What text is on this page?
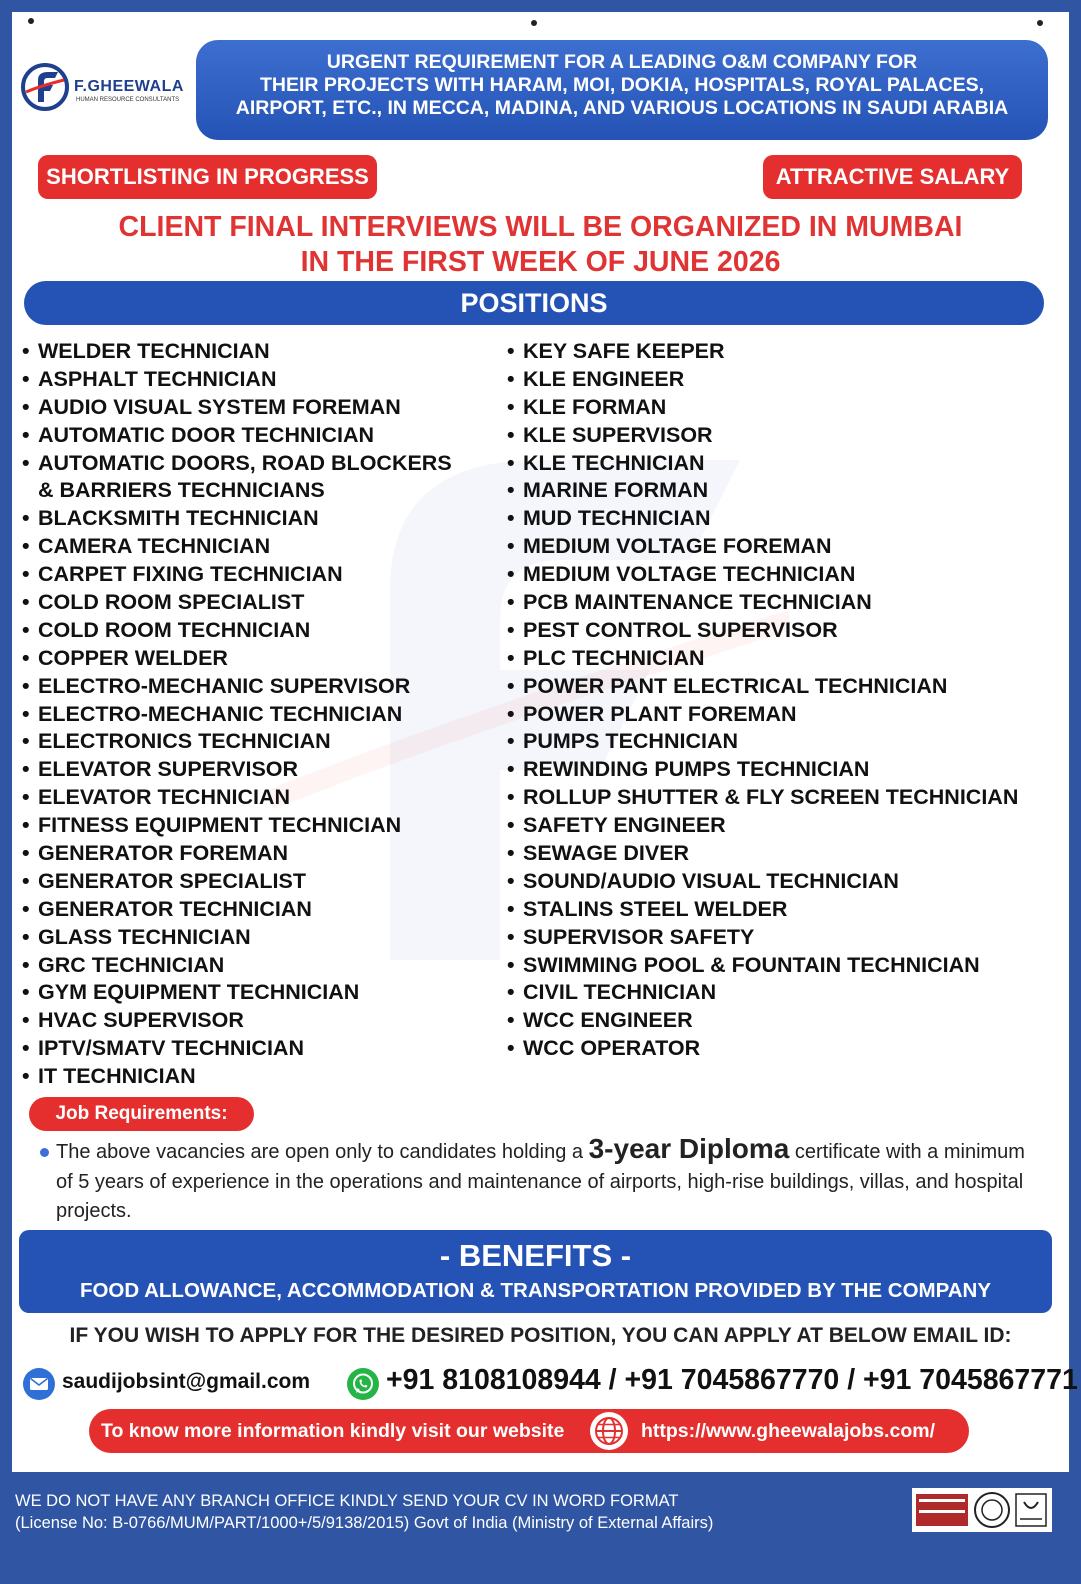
F.GHEEWALA
HUMAN RESOURCE CONSULTANTS
URGENT REQUIREMENT FOR A LEADING O&M COMPANY FOR
THEIR PROJECTS WITH HARAM, MOI, DOKIA, HOSPITALS, ROYAL PALACES,
AIRPORT, ETC., IN MECCA, MADINA, AND VARIOUS LOCATIONS IN SAUDI ARABIA
SHORTLISTING IN PROGRESS	ATTRACTIVE SALARY
CLIENT FINAL INTERVIEWS WILL BE ORGANIZED IN MUMBAI
IN THE FIRST WEEK OF JUNE 2026
POSITIONS
• WELDER TECHNICIAN
• ASPHALT TECHNICIAN
• AUDIO VISUAL SYSTEM FOREMAN
• AUTOMATIC DOOR TECHNICIAN
• AUTOMATIC DOORS, ROAD BLOCKERS
& BARRIERS TECHNICIANS
• BLACKSMITH TECHNICIAN
• CAMERA TECHNICIAN
• CARPET FIXING TECHNICIAN
• COLD ROOM SPECIALIST
• COLD ROOM TECHNICIAN
• COPPER WELDER
• ELECTRO-MECHANIC SUPERVISOR
• ELECTRO-MECHANIC TECHNICIAN
• ELECTRONICS TECHNICIAN
• ELEVATOR SUPERVISOR
• ELEVATOR TECHNICIAN
• FITNESS EQUIPMENT TECHNICIAN
• GENERATOR FOREMAN
• GENERATOR SPECIALIST
• GENERATOR TECHNICIAN
• GLASS TECHNICIAN
• GRC TECHNICIAN
• GYM EQUIPMENT TECHNICIAN
• HVAC SUPERVISOR
• IPTV/SMATV TECHNICIAN
• IT TECHNICIAN
• KEY SAFE KEEPER
• KLE ENGINEER
• KLE FORMAN
• KLE SUPERVISOR
• KLE TECHNICIAN
• MARINE FORMAN
• MUD TECHNICIAN
• MEDIUM VOLTAGE FOREMAN
• MEDIUM VOLTAGE TECHNICIAN
• PCB MAINTENANCE TECHNICIAN
• PEST CONTROL SUPERVISOR
• PLC TECHNICIAN
• POWER PANT ELECTRICAL TECHNICIAN
• POWER PLANT FOREMAN
• PUMPS TECHNICIAN
• REWINDING PUMPS TECHNICIAN
• ROLLUP SHUTTER & FLY SCREEN TECHNICIAN
• SAFETY ENGINEER
• SEWAGE DIVER
• SOUND/AUDIO VISUAL TECHNICIAN
• STALINS STEEL WELDER
• SUPERVISOR SAFETY
• SWIMMING POOL & FOUNTAIN TECHNICIAN
• CIVIL TECHNICIAN
• WCC ENGINEER
• WCC OPERATOR
Job Requirements:
The above vacancies are open only to candidates holding a 3-year Diploma certificate with a minimum of 5 years of experience in the operations and maintenance of airports, high-rise buildings, villas, and hospital projects.
- BENEFITS -
FOOD ALLOWANCE, ACCOMMODATION & TRANSPORTATION PROVIDED BY THE COMPANY
IF YOU WISH TO APPLY FOR THE DESIRED POSITION, YOU CAN APPLY AT BELOW EMAIL ID:
saudijobsint@gmail.com	+91 8108108944 / +91 7045867770 / +91 7045867771
To know more information kindly visit our website	https://www.gheewalajobs.com/
WE DO NOT HAVE ANY BRANCH OFFICE KINDLY SEND YOUR CV IN WORD FORMAT
(License No: B-0766/MUM/PART/1000+/5/9138/2015) Govt of India (Ministry of External Affairs)
